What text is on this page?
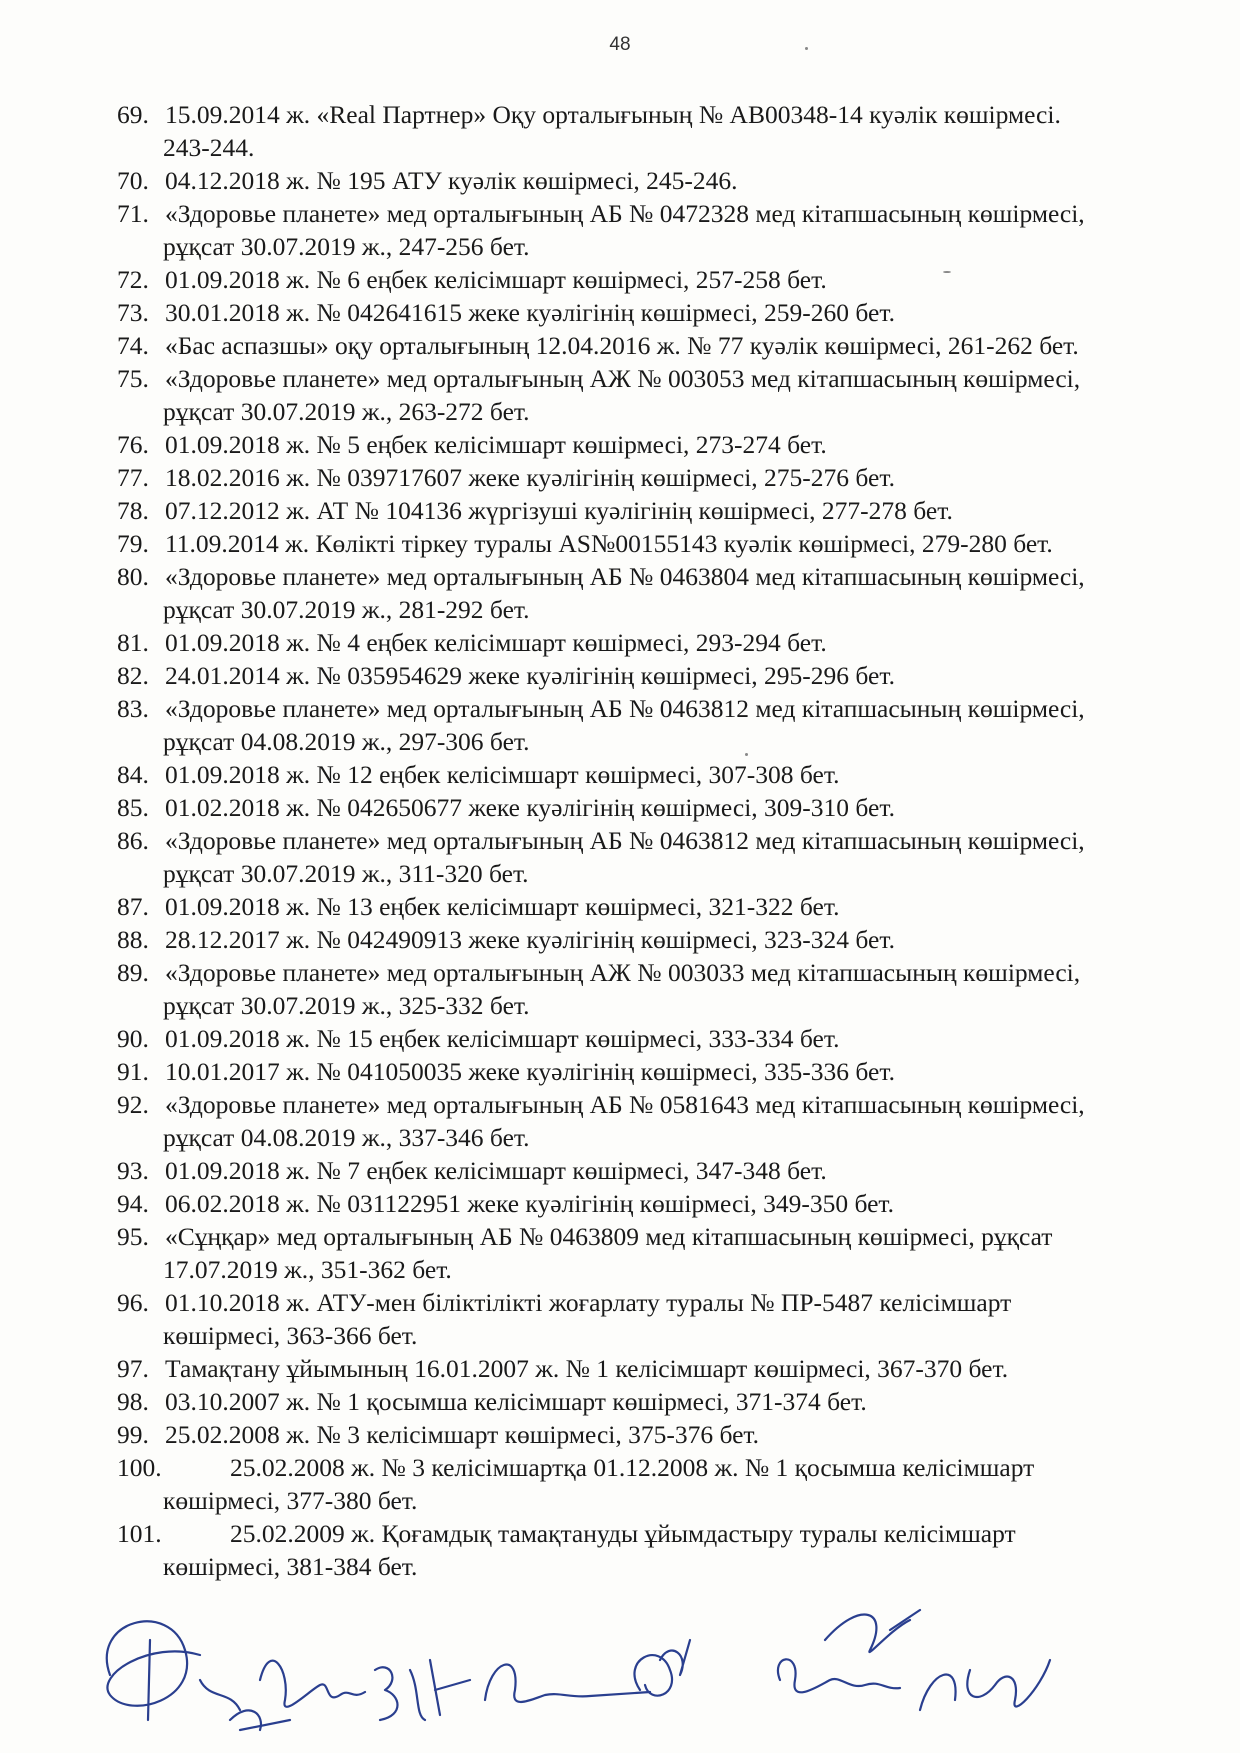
48
69. 15.09.2014 ж. «Real Партнер» Оқу орталығының № АВ00348-14 куәлік көшірмесі.
243-244.
70. 04.12.2018 ж. № 195 АТУ куәлік көшірмесі, 245-246.
71. «Здоровье планете» мед орталығының АБ № 0472328 мед кітапшасының көшірмесі,
рұқсат 30.07.2019 ж., 247-256 бет.
72. 01.09.2018 ж. № 6 еңбек келісімшарт көшірмесі, 257-258 бет.
73. 30.01.2018 ж. № 042641615 жеке куәлігінің көшірмесі, 259-260 бет.
74. «Бас аспазшы» оқу орталығының 12.04.2016 ж. № 77 куәлік көшірмесі, 261-262 бет.
75. «Здоровье планете» мед орталығының АЖ № 003053 мед кітапшасының көшірмесі,
рұқсат 30.07.2019 ж., 263-272 бет.
76. 01.09.2018 ж. № 5 еңбек келісімшарт көшірмесі, 273-274 бет.
77. 18.02.2016 ж. № 039717607 жеке куәлігінің көшірмесі, 275-276 бет.
78. 07.12.2012 ж. АТ № 104136 жүргізуші куәлігінің көшірмесі, 277-278 бет.
79. 11.09.2014 ж. Көлікті тіркеу туралы AS№00155143 куәлік көшірмесі, 279-280 бет.
80. «Здоровье планете» мед орталығының АБ № 0463804 мед кітапшасының көшірмесі,
рұқсат 30.07.2019 ж., 281-292 бет.
81. 01.09.2018 ж. № 4 еңбек келісімшарт көшірмесі, 293-294 бет.
82. 24.01.2014 ж. № 035954629 жеке куәлігінің көшірмесі, 295-296 бет.
83. «Здоровье планете» мед орталығының АБ № 0463812 мед кітапшасының көшірмесі,
рұқсат 04.08.2019 ж., 297-306 бет.
84. 01.09.2018 ж. № 12 еңбек келісімшарт көшірмесі, 307-308 бет.
85. 01.02.2018 ж. № 042650677 жеке куәлігінің көшірмесі, 309-310 бет.
86. «Здоровье планете» мед орталығының АБ № 0463812 мед кітапшасының көшірмесі,
рұқсат 30.07.2019 ж., 311-320 бет.
87. 01.09.2018 ж. № 13 еңбек келісімшарт көшірмесі, 321-322 бет.
88. 28.12.2017 ж. № 042490913 жеке куәлігінің көшірмесі, 323-324 бет.
89. «Здоровье планете» мед орталығының АЖ № 003033 мед кітапшасының көшірмесі,
рұқсат 30.07.2019 ж., 325-332 бет.
90. 01.09.2018 ж. № 15 еңбек келісімшарт көшірмесі, 333-334 бет.
91. 10.01.2017 ж. № 041050035 жеке куәлігінің көшірмесі, 335-336 бет.
92. «Здоровье планете» мед орталығының АБ № 0581643 мед кітапшасының көшірмесі,
рұқсат 04.08.2019 ж., 337-346 бет.
93. 01.09.2018 ж. № 7 еңбек келісімшарт көшірмесі, 347-348 бет.
94. 06.02.2018 ж. № 031122951 жеке куәлігінің көшірмесі, 349-350 бет.
95. «Сұңқар» мед орталығының АБ № 0463809 мед кітапшасының көшірмесі, рұқсат
17.07.2019 ж., 351-362 бет.
96. 01.10.2018 ж. АТУ-мен біліктілікті жоғарлату туралы № ПР-5487 келісімшарт
көшірмесі, 363-366 бет.
97. Тамақтану ұйымының 16.01.2007 ж. № 1 келісімшарт көшірмесі, 367-370 бет.
98. 03.10.2007 ж. № 1 қосымша келісімшарт көшірмесі, 371-374 бет.
99. 25.02.2008 ж. № 3 келісімшарт көшірмесі, 375-376 бет.
100.	25.02.2008 ж. № 3 келісімшартқа 01.12.2008 ж. № 1 қосымша келісімшарт
көшірмесі, 377-380 бет.
101.	25.02.2009 ж. Қоғамдық тамақтануды ұйымдастыру туралы келісімшарт
көшірмесі, 381-384 бет.
